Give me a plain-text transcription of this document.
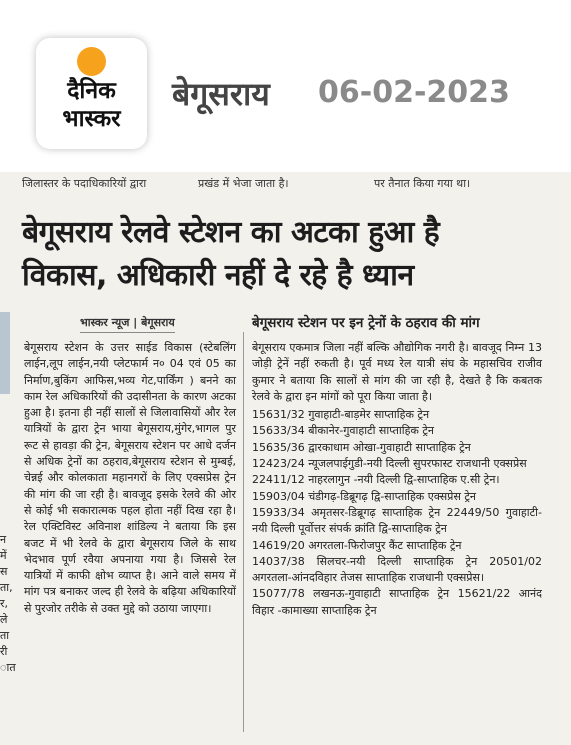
दैनिक
भास्कर
बेगूसराय 06-02-2023
जिलास्तर के पदाधिकारियों द्वारा	प्रखंड में भेजा जाता है।	पर तैनात किया गया था।
बेगूसराय रेलवे स्टेशन का अटका हुआ है
विकास, अधिकारी नहीं दे रहे है ध्यान
भास्कर न्यूज | बेगूसराय	बेगूसराय स्टेशन पर इन ट्रेनों के ठहराव की मांग
न
में
स
ता,
र,
ले
ता
री
ात
बेगूसराय स्टेशन के उत्तर साईड विकास (स्टेबलिंग लाईन,लूप लाईन,नयी प्लेटफार्म न० 04 एवं 05 का निर्माण,बुकिंग आफिस,भव्य गेट,पार्किंग ) बनने का काम रेल अधिकारियों की उदासीनता के कारण अटका हुआ है। इतना ही नहीं सालों से जिलावासियों और रेल यात्रियों के द्वारा ट्रेन भाया बेगूसराय,मुंगेर,भागल पुर रूट से हावड़ा की ट्रेन, बेगूसराय स्टेशन पर आधे दर्जन से अधिक ट्रेनों का ठहराव,बेगूसराय स्टेशन से मुम्बई, चेन्नई और कोलकाता महानगरों के लिए एक्सप्रेस ट्रेन की मांग की जा रही है। बावजूद इसके रेलवे की ओर से कोई भी सकारात्मक पहल होता नहीं दिख रहा है। रेल एक्टिविस्ट अविनाश शांडिल्य ने बताया कि इस बजट में भी रेलवे के द्वारा बेगूसराय जिले के साथ भेदभाव पूर्ण रवैया अपनाया गया है। जिससे रेल यात्रियों में काफी क्षोभ व्याप्त है। आने वाले समय में मांग पत्र बनाकर जल्द ही रेलवे के बढ़िया अधिकारियों से पुरजोर तरीके से उक्त मुद्दे को उठाया जाएगा।
बेगूसराय एकमात्र जिला नहीं बल्कि औद्योगिक नगरी है। बावजूद निम्न 13 जोड़ी ट्रेनें नहीं रुकती है। पूर्व मध्य रेल यात्री संघ के महासचिव राजीव कुमार ने बताया कि सालों से मांग की जा रही है, देखते है कि कबतक रेलवे के द्वारा इन मांगों को पूरा किया जाता है।
15631/32 गुवाहाटी-बाड़मेर साप्ताहिक ट्रेन
15633/34 बीकानेर-गुवाहाटी साप्ताहिक ट्रेन
15635/36 द्वारकाधाम ओखा-गुवाहाटी साप्ताहिक ट्रेन
12423/24 न्यूजलपाईगुडी-नयी दिल्ली सुपरफास्ट राजधानी एक्सप्रेस
22411/12 नाहरलागुन -नयी दिल्ली द्वि-साप्ताहिक ए.सी ट्रेन।
15903/04 चंडीगढ़-डिब्रूगढ़ द्वि-साप्ताहिक एक्सप्रेस ट्रेन
15933/34 अमृतसर-डिब्रूगढ़ साप्ताहिक ट्रेन 22449/50 गुवाहाटी-नयी दिल्ली पूर्वोत्तर संपर्क क्रांति द्वि-साप्ताहिक ट्रेन
14619/20 अगरतला-फिरोजपुर कैंट साप्ताहिक ट्रेन
14037/38 सिलचर-नयी दिल्ली साप्ताहिक ट्रेन 20501/02 अगरतला-आंनदविहार तेजस साप्ताहिक राजधानी एक्सप्रेस।
15077/78 लखनऊ-गुवाहाटी साप्ताहिक ट्रेन 15621/22 आनंद विहार -कामाख्या साप्ताहिक ट्रेन
